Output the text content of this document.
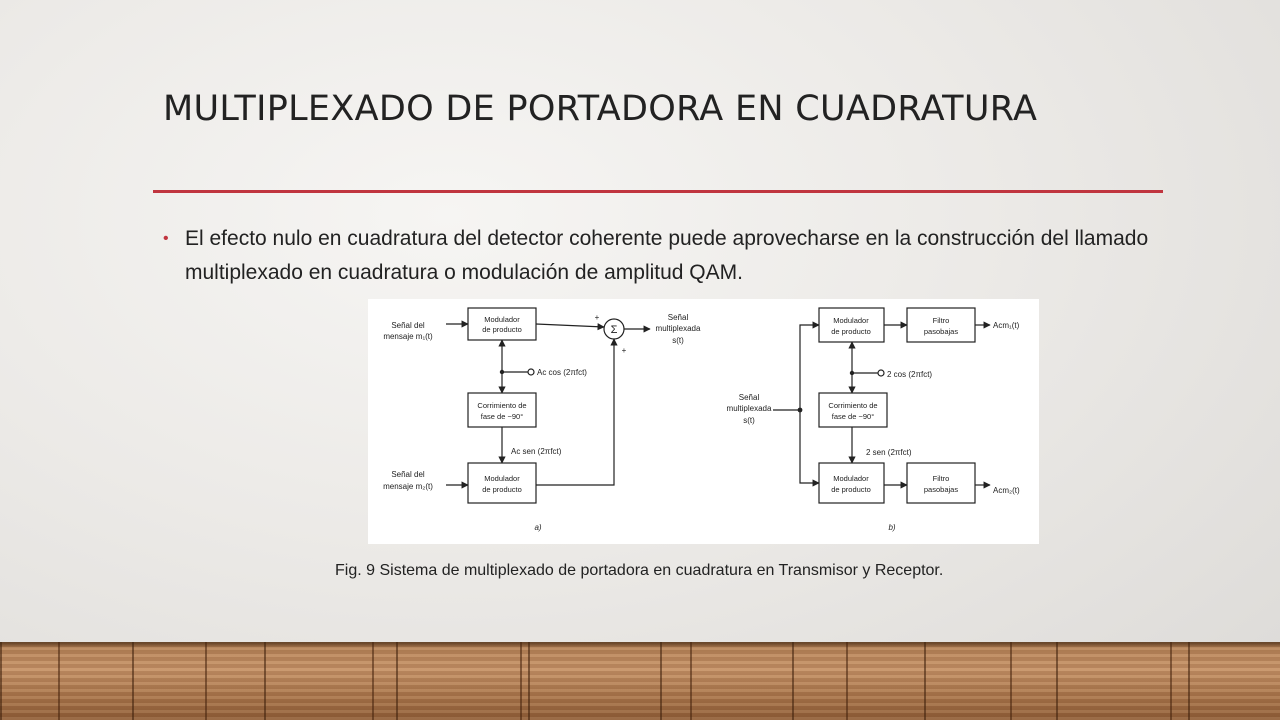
MULTIPLEXADO DE PORTADORA EN CUADRATURA
• El efecto nulo en cuadratura del detector coherente puede aprovecharse en la construcción del llamado multiplexado en cuadratura o modulación de amplitud QAM.
Señal del
mensaje m₁(t)
Modulador
de producto	Σ
+
+
Señal
multiplexada
s(t)
Aᴄ cos (2πfᴄt)
Corrimiento de
fase de −90°
Aᴄ sen (2πfᴄt)
Señal del
mensaje m₂(t)
Modulador
de producto
a)
Señal
multiplexada
s(t)
Modulador
de producto
Filtro
pasobajas
Aᴄm₁(t)
2 cos (2πfᴄt)
Corrimiento de
fase de −90°
2 sen (2πfᴄt)
Modulador
de producto
Filtro
pasobajas	Aᴄm₂(t)
b)
Fig. 9 Sistema de multiplexado de portadora en cuadratura en Transmisor y Receptor.
